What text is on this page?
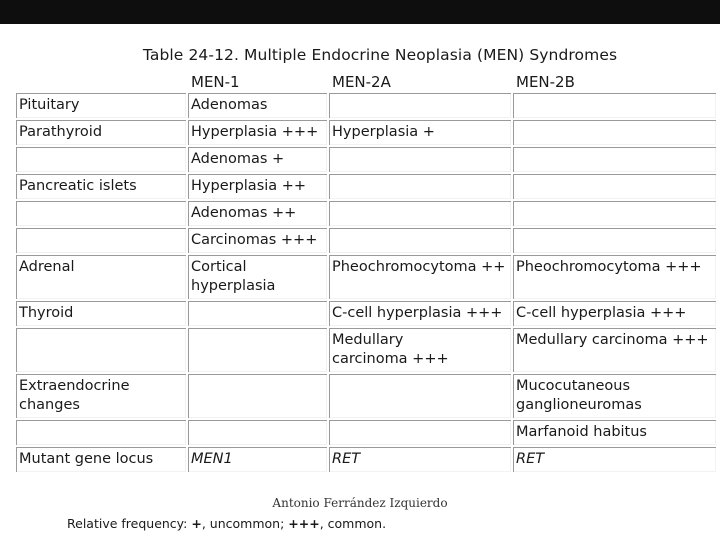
Table 24-12. Multiple Endocrine Neoplasia (MEN) Syndromes
	MEN-1	MEN-2A	MEN-2B
Pituitary	Adenomas		
Parathyroid	Hyperplasia +++	Hyperplasia +	
	Adenomas +		
Pancreatic islets	Hyperplasia ++		
	Adenomas ++		
	Carcinomas +++		
Adrenal	Cortical hyperplasia	Pheochromocytoma ++	Pheochromocytoma +++
Thyroid		C-cell hyperplasia +++	C-cell hyperplasia +++
		Medullary carcinoma +++	Medullary carcinoma +++
Extraendocrine changes			Mucocutaneous ganglioneuromas
			Marfanoid habitus
Mutant gene locus	MEN1	RET	RET
Antonio Ferrández Izquierdo
Relative frequency: +, uncommon; +++, common.
